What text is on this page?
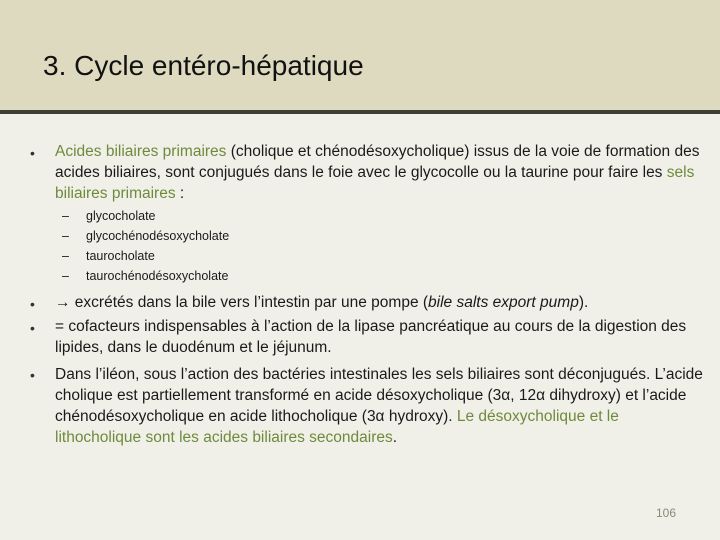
3. Cycle entéro-hépatique
• Acides biliaires primaires (cholique et chénodésoxycholique) issus de la voie de formation des acides biliaires, sont conjugués dans le foie avec le glycocolle ou la taurine pour faire les sels biliaires primaires :
– glycocholate
– glycochénodésoxycholate
– taurocholate
– taurochénodésoxycholate
• → excrétés dans la bile vers l’intestin par une pompe (bile salts export pump).
• = cofacteurs indispensables à l’action de la lipase pancréatique au cours de la digestion des lipides, dans le duodénum et le jéjunum.
• Dans l’iléon, sous l’action des bactéries intestinales les sels biliaires sont déconjugués. L’acide cholique est partiellement transformé en acide désoxycholique (3α, 12α dihydroxy) et l’acide chénodésoxycholique en acide lithocholique (3α hydroxy). Le désoxycholique et le lithocholique sont les acides biliaires secondaires.
106
